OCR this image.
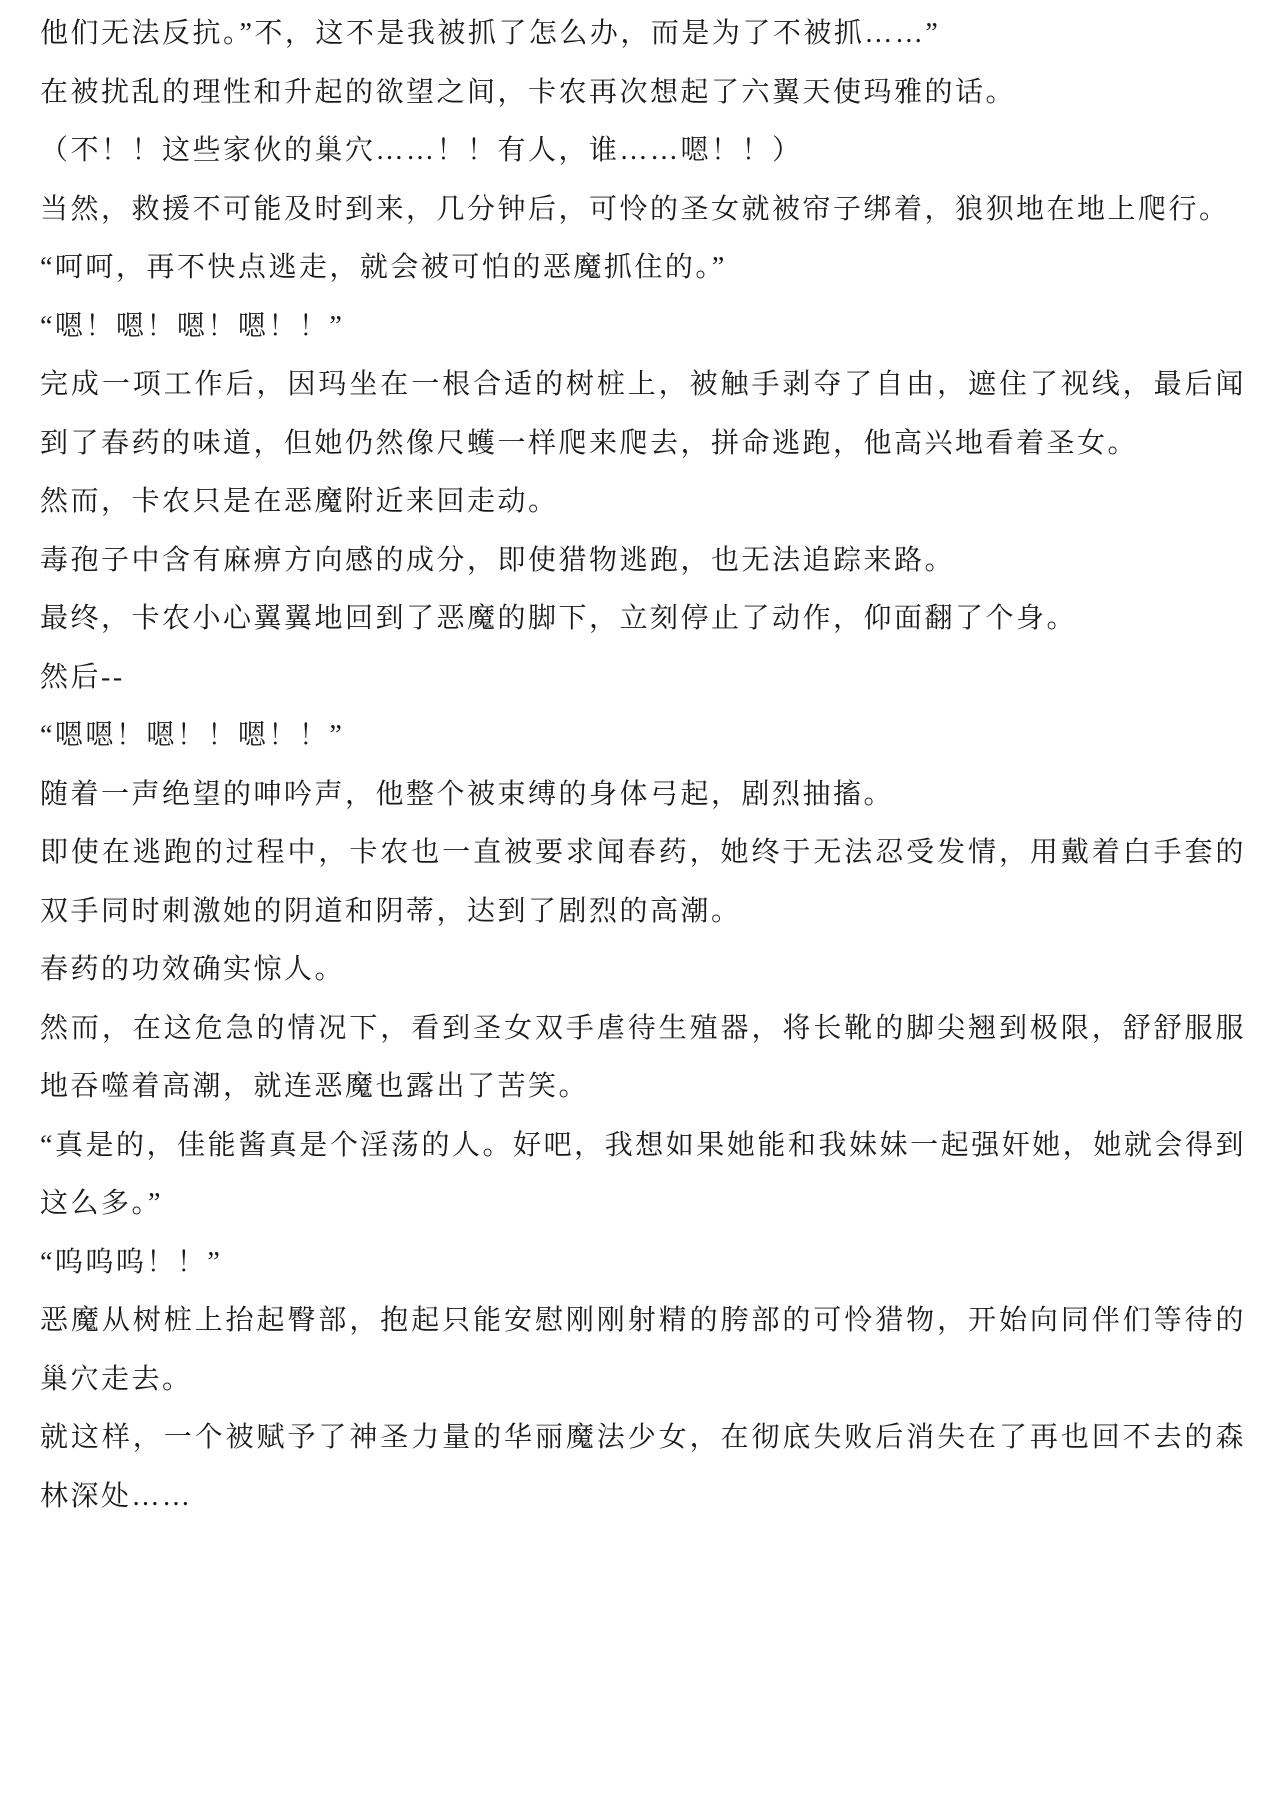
他们无法反抗。”不，这不是我被抓了怎么办，而是为了不被抓……”

在被扰乱的理性和升起的欲望之间，卡农再次想起了六翼天使玛雅的话。

（不！！这些家伙的巢穴……！！有人，谁……嗯！！）

当然，救援不可能及时到来，几分钟后，可怜的圣女就被帘子绑着，狼狈地在地上爬行。

“呵呵，再不快点逃走，就会被可怕的恶魔抓住的。”

“嗯！嗯！嗯！嗯！！”

完成一项工作后，因玛坐在一根合适的树桩上，被触手剥夺了自由，遮住了视线，最后闻到了春药的味道，但她仍然像尺蠖一样爬来爬去，拼命逃跑，他高兴地看着圣女。

然而，卡农只是在恶魔附近来回走动。

毒孢子中含有麻痹方向感的成分，即使猎物逃跑，也无法追踪来路。

最终，卡农小心翼翼地回到了恶魔的脚下，立刻停止了动作，仰面翻了个身。

然后--

“嗯嗯！嗯！！嗯！！”

随着一声绝望的呻吟声，他整个被束缚的身体弓起，剧烈抽搐。

即使在逃跑的过程中，卡农也一直被要求闻春药，她终于无法忍受发情，用戴着白手套的双手同时刺激她的阴道和阴蒂，达到了剧烈的高潮。

春药的功效确实惊人。

然而，在这危急的情况下，看到圣女双手虐待生殖器，将长靴的脚尖翘到极限，舒舒服服地吞噬着高潮，就连恶魔也露出了苦笑。

“真是的，佳能酱真是个淫荡的人。好吧，我想如果她能和我妹妹一起强奸她，她就会得到这么多。”

“呜呜呜！！”

恶魔从树桩上抬起臀部，抱起只能安慰刚刚射精的胯部的可怜猎物，开始向同伴们等待的巢穴走去。

就这样，一个被赋予了神圣力量的华丽魔法少女，在彻底失败后消失在了再也回不去的森林深处……
